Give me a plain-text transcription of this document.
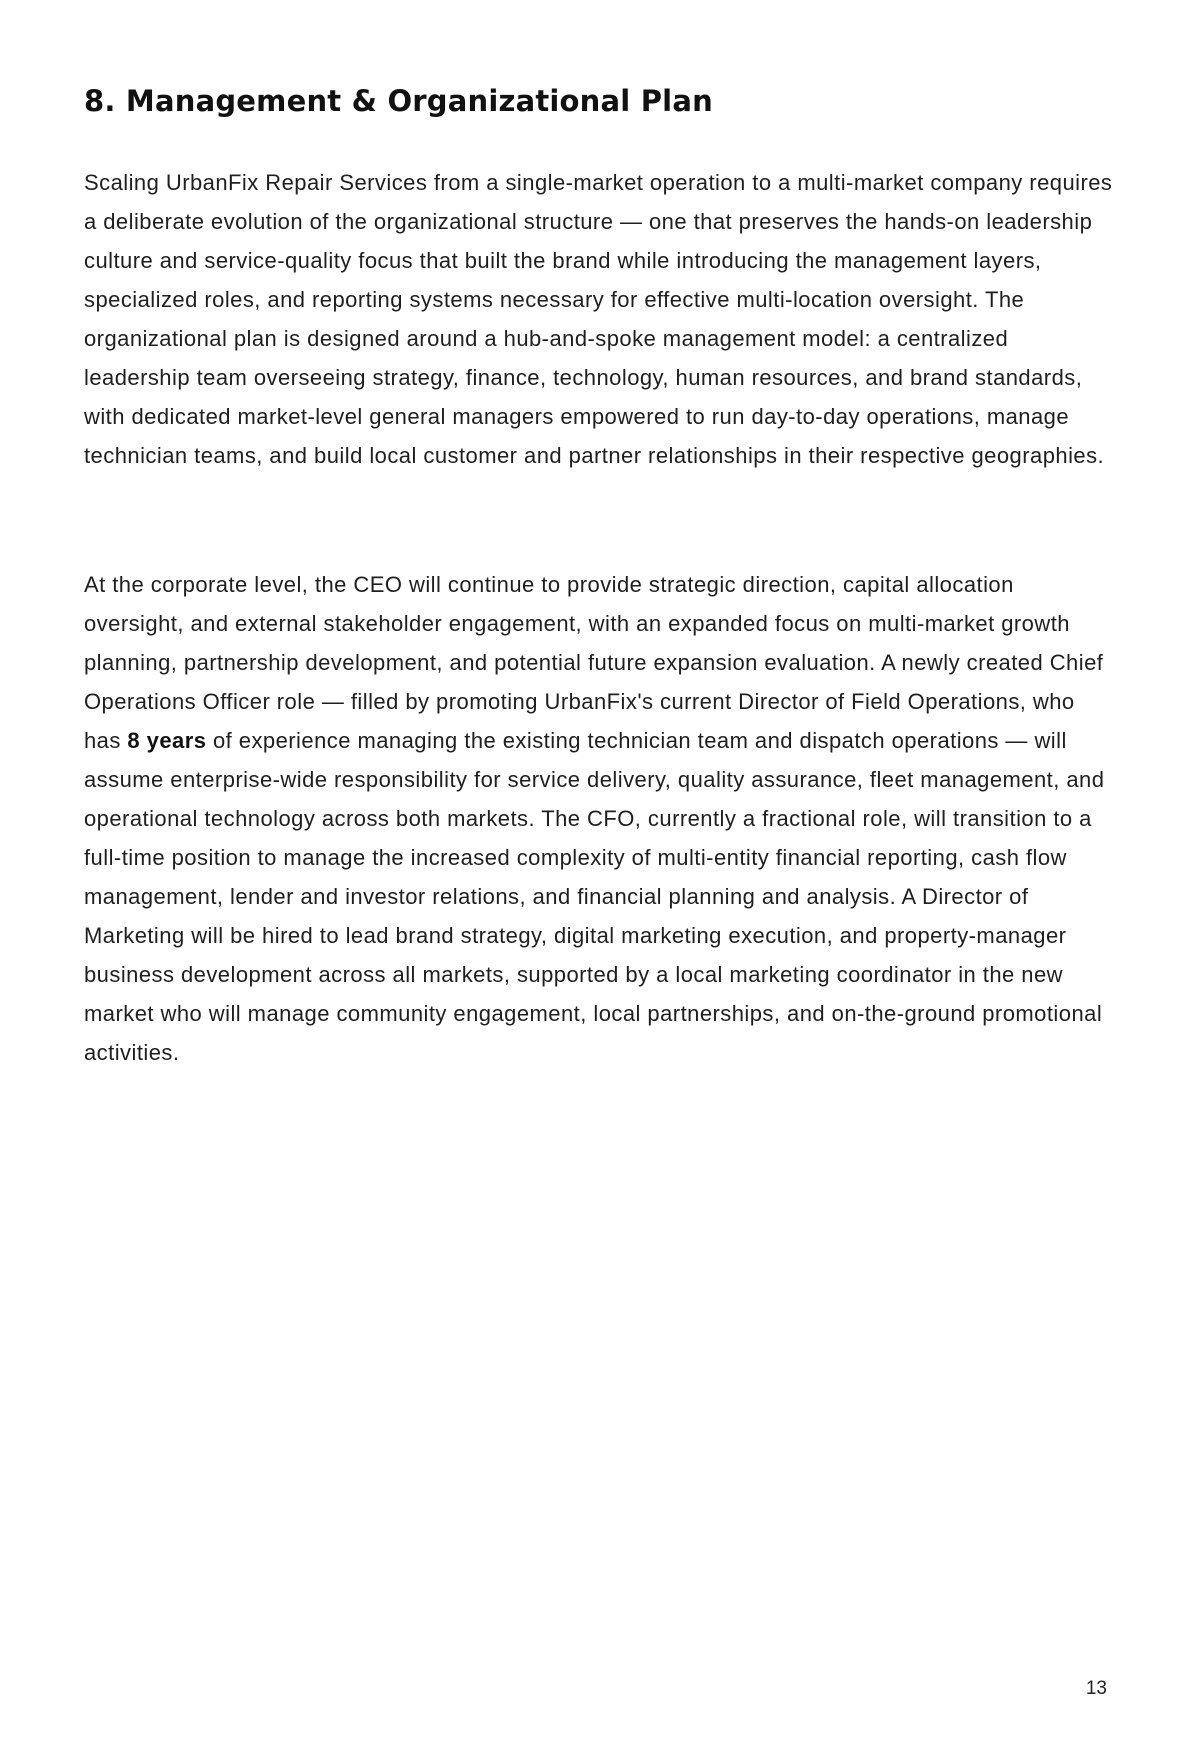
8. Management & Organizational Plan

Scaling UrbanFix Repair Services from a single-market operation to a multi-market company requires a deliberate evolution of the organizational structure — one that preserves the hands-on leadership culture and service-quality focus that built the brand while introducing the management layers, specialized roles, and reporting systems necessary for effective multi-location oversight. The organizational plan is designed around a hub-and-spoke management model: a centralized leadership team overseeing strategy, finance, technology, human resources, and brand standards, with dedicated market-level general managers empowered to run day-to-day operations, manage technician teams, and build local customer and partner relationships in their respective geographies.

At the corporate level, the CEO will continue to provide strategic direction, capital allocation oversight, and external stakeholder engagement, with an expanded focus on multi-market growth planning, partnership development, and potential future expansion evaluation. A newly created Chief Operations Officer role — filled by promoting UrbanFix's current Director of Field Operations, who has 8 years of experience managing the existing technician team and dispatch operations — will assume enterprise-wide responsibility for service delivery, quality assurance, fleet management, and operational technology across both markets. The CFO, currently a fractional role, will transition to a full-time position to manage the increased complexity of multi-entity financial reporting, cash flow management, lender and investor relations, and financial planning and analysis. A Director of Marketing will be hired to lead brand strategy, digital marketing execution, and property-manager business development across all markets, supported by a local marketing coordinator in the new market who will manage community engagement, local partnerships, and on-the-ground promotional activities.

13
